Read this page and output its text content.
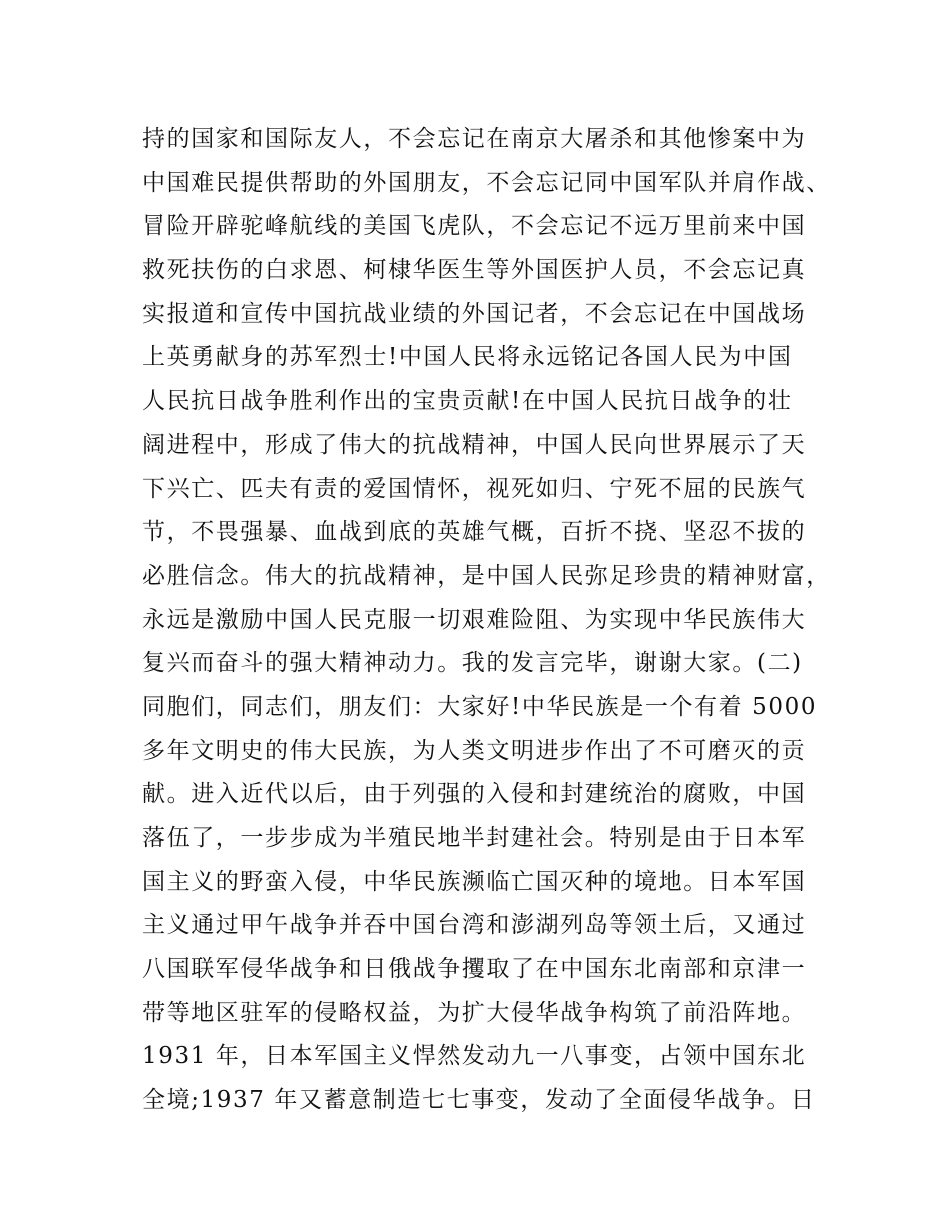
持的国家和国际友人，不会忘记在南京大屠杀和其他惨案中为
中国难民提供帮助的外国朋友，不会忘记同中国军队并肩作战、
冒险开辟驼峰航线的美国飞虎队，不会忘记不远万里前来中国
救死扶伤的白求恩、柯棣华医生等外国医护人员，不会忘记真
实报道和宣传中国抗战业绩的外国记者，不会忘记在中国战场
上英勇献身的苏军烈士!中国人民将永远铭记各国人民为中国
人民抗日战争胜利作出的宝贵贡献!在中国人民抗日战争的壮
阔进程中，形成了伟大的抗战精神，中国人民向世界展示了天
下兴亡、匹夫有责的爱国情怀，视死如归、宁死不屈的民族气
节，不畏强暴、血战到底的英雄气概，百折不挠、坚忍不拔的
必胜信念。伟大的抗战精神，是中国人民弥足珍贵的精神财富，
永远是激励中国人民克服一切艰难险阻、为实现中华民族伟大
复兴而奋斗的强大精神动力。我的发言完毕，谢谢大家。(二)
同胞们，同志们，朋友们：大家好!中华民族是一个有着 5000
多年文明史的伟大民族，为人类文明进步作出了不可磨灭的贡
献。进入近代以后，由于列强的入侵和封建统治的腐败，中国
落伍了，一步步成为半殖民地半封建社会。特别是由于日本军
国主义的野蛮入侵，中华民族濒临亡国灭种的境地。日本军国
主义通过甲午战争并吞中国台湾和澎湖列岛等领土后，又通过
八国联军侵华战争和日俄战争攫取了在中国东北南部和京津一
带等地区驻军的侵略权益，为扩大侵华战争构筑了前沿阵地。
1931 年，日本军国主义悍然发动九一八事变，占领中国东北
全境;1937 年又蓄意制造七七事变，发动了全面侵华战争。日
